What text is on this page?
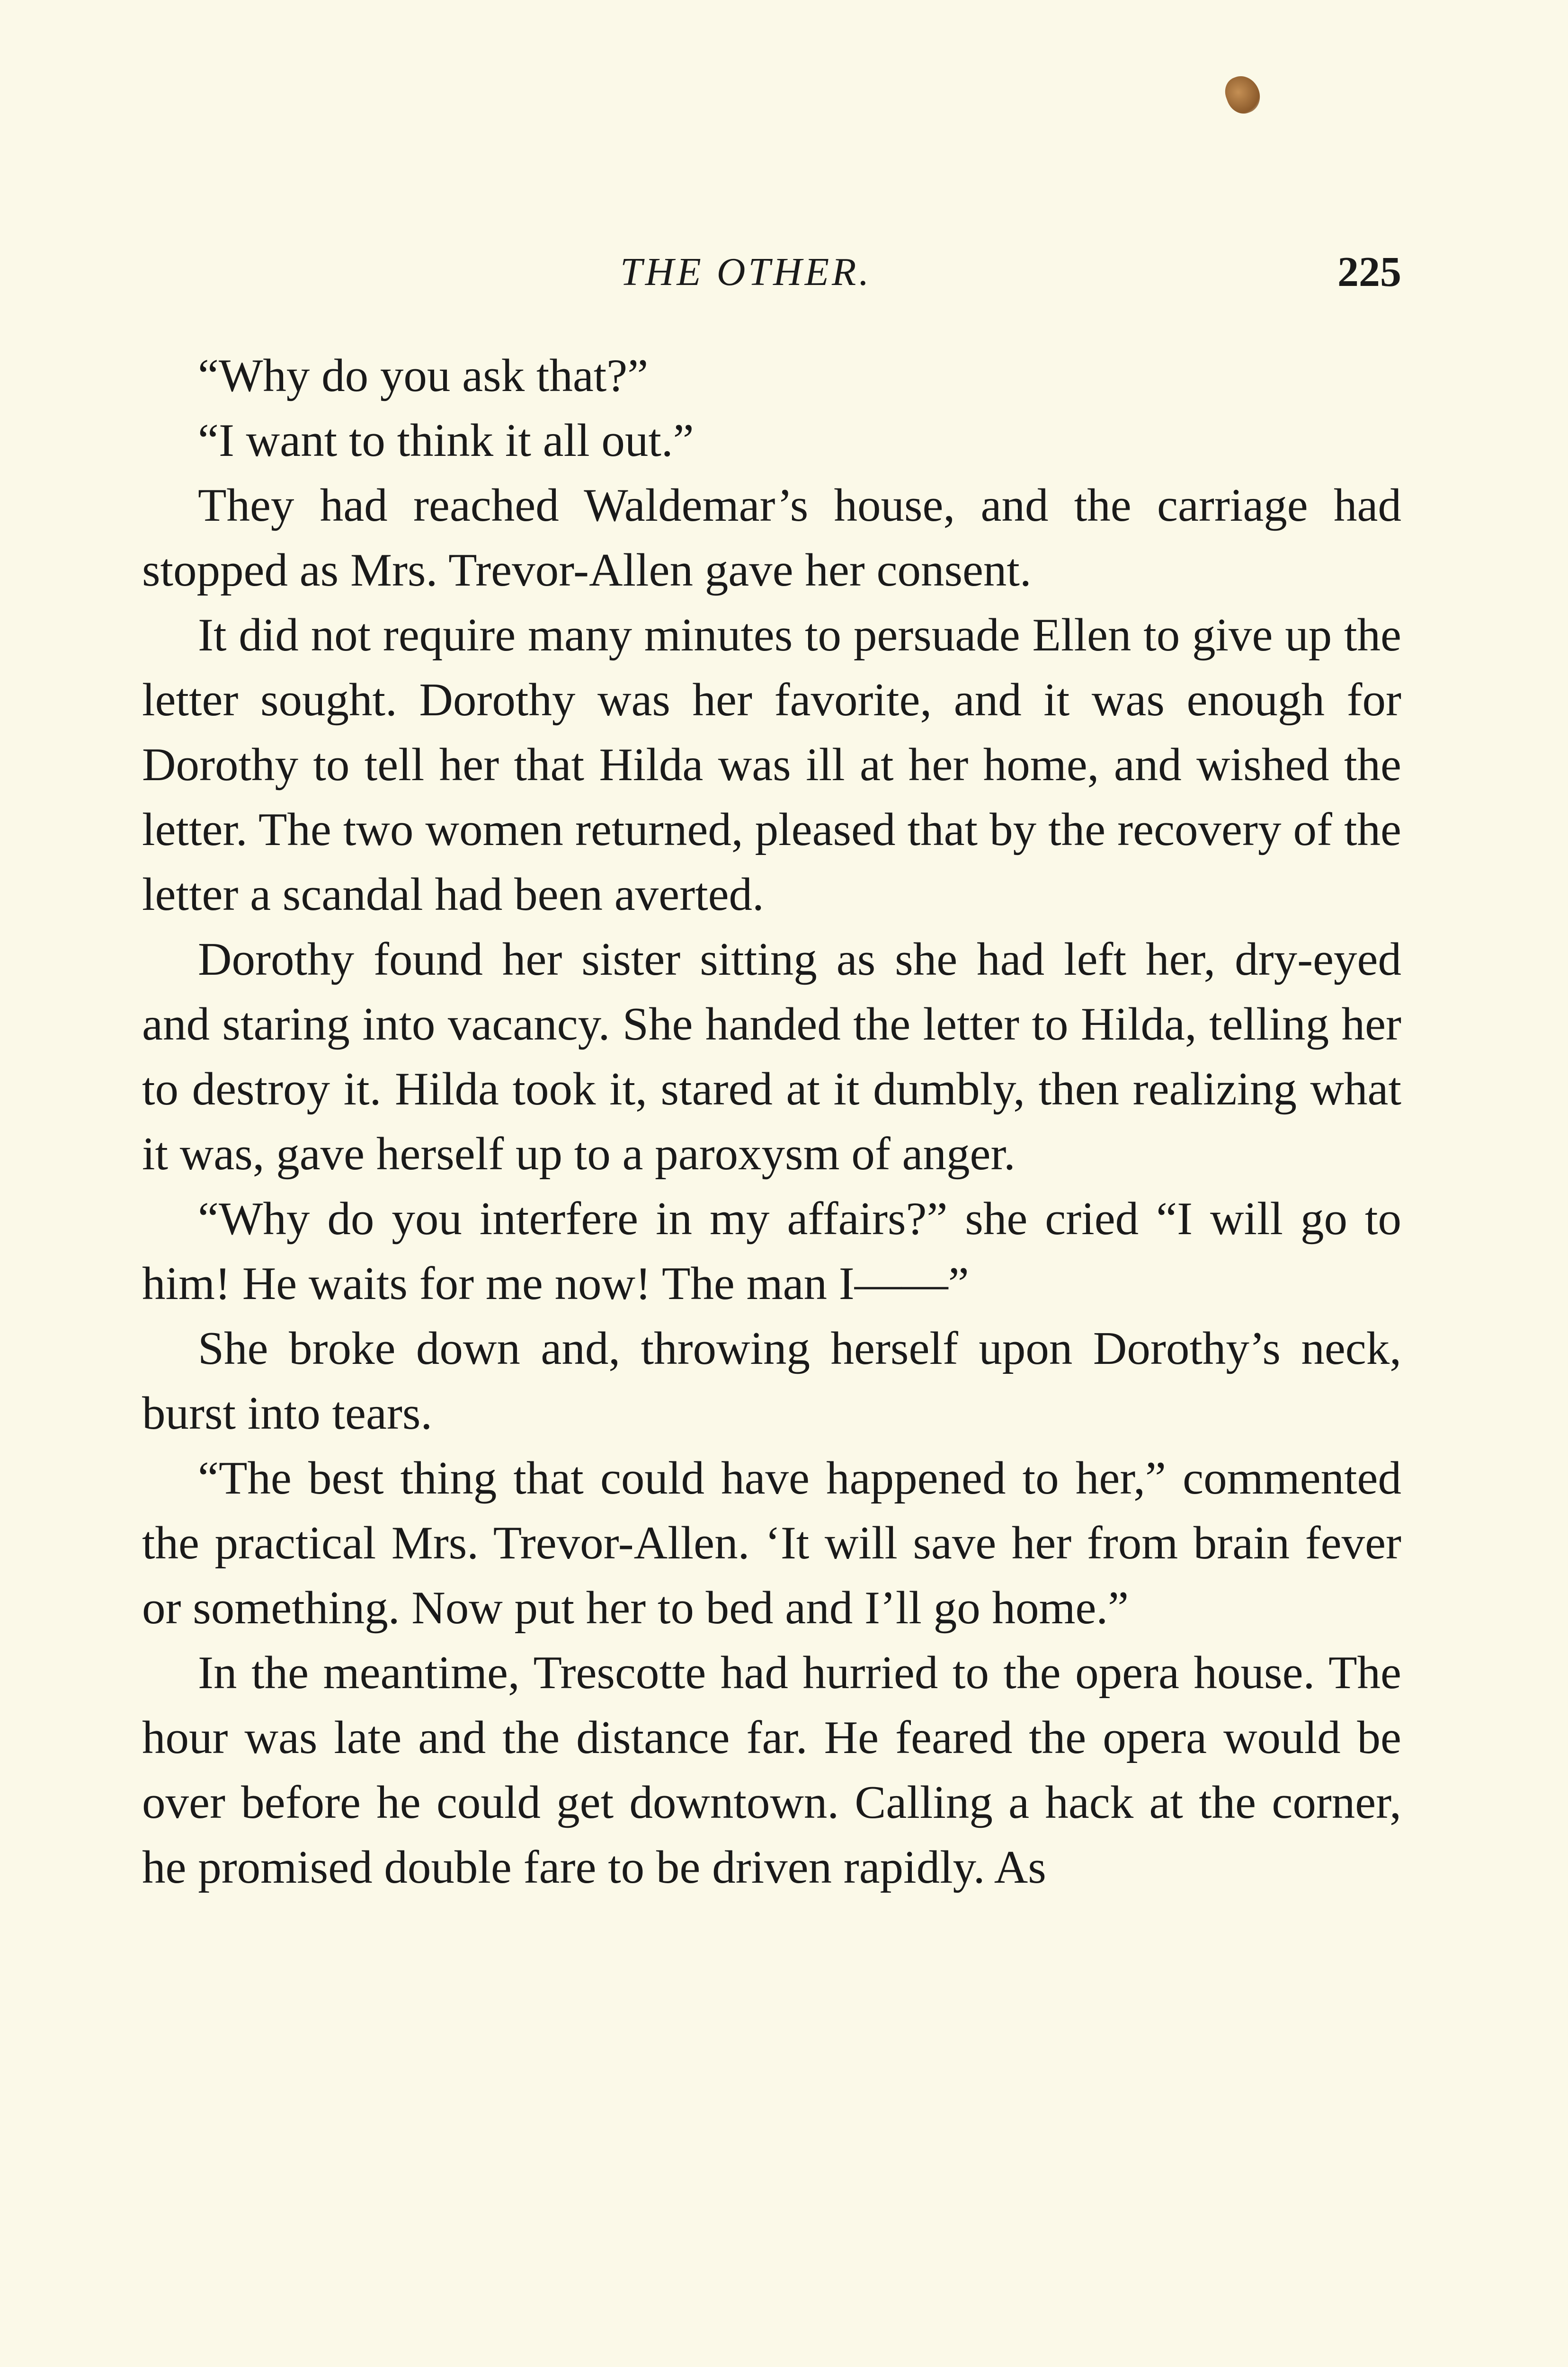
THE OTHER.	225

“Why do you ask that?”

“I want to think it all out.”

They had reached Waldemar’s house, and the carriage had stopped as Mrs. Trevor-Allen gave her consent.

It did not require many minutes to persuade Ellen to give up the letter sought. Dorothy was her favorite, and it was enough for Dorothy to tell her that Hilda was ill at her home, and wished the letter. The two women returned, pleased that by the recovery of the letter a scandal had been averted.

Dorothy found her sister sitting as she had left her, dry-eyed and staring into vacancy. She handed the letter to Hilda, telling her to destroy it. Hilda took it, stared at it dumbly, then realizing what it was, gave herself up to a paroxysm of anger.

“Why do you interfere in my affairs?” she cried “I will go to him! He waits for me now! The man I——”

She broke down and, throwing herself upon Dorothy’s neck, burst into tears.

“The best thing that could have happened to her,” commented the practical Mrs. Trevor-Allen. ‘It will save her from brain fever or something. Now put her to bed and I’ll go home.”

In the meantime, Trescotte had hurried to the opera house. The hour was late and the distance far. He feared the opera would be over before he could get downtown. Calling a hack at the corner, he promised double fare to be driven rapidly. As
